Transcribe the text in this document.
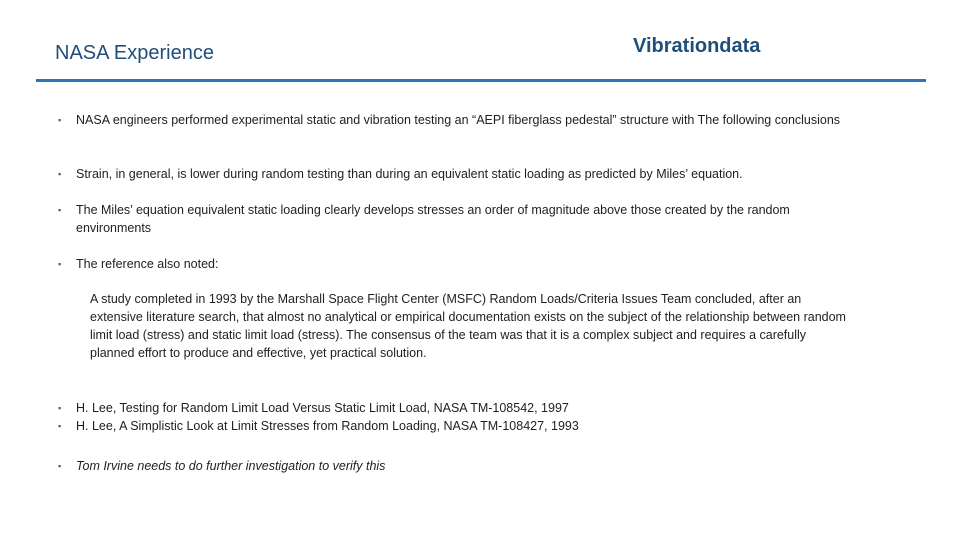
NASA Experience	Vibrationdata
▪ NASA engineers performed experimental static and vibration testing an “AEPI fiberglass pedestal” structure with The following conclusions
▪ Strain, in general, is lower during random testing than during an equivalent static loading as predicted by Miles’ equation.
▪ The Miles’ equation equivalent static loading clearly develops stresses an order of magnitude above those created by the random environments
▪ The reference also noted:
A study completed in 1993 by the Marshall Space Flight Center (MSFC) Random Loads/Criteria Issues Team concluded, after an extensive literature search, that almost no analytical or empirical documentation exists on the subject of the relationship between random limit load (stress) and static limit load (stress). The consensus of the team was that it is a complex subject and requires a carefully planned effort to produce and effective, yet practical solution.
▪ H. Lee, Testing for Random Limit Load Versus Static Limit Load, NASA TM-108542, 1997
▪ H. Lee, A Simplistic Look at Limit Stresses from Random Loading, NASA TM-108427, 1993
▪ Tom Irvine needs to do further investigation to verify this
